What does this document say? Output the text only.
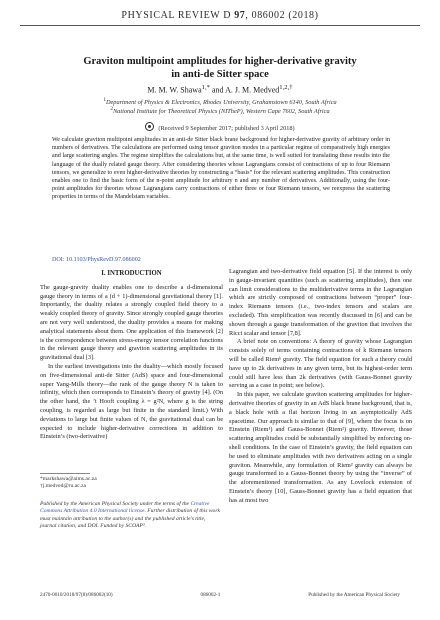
PHYSICAL REVIEW D 97, 086002 (2018)
Graviton multipoint amplitudes for higher-derivative gravity
in anti-de Sitter space
M. M. W. Shawa$^{1,*}$ and A. J. M. Medved$^{1,2,\dagger}$
$^1$Department of Physics & Electronics, Rhodes University, Grahamstown 6140, South Africa
$^2$National Institute for Theoretical Physics (NITheP), Western Cape 7602, South Africa
(Received 9 September 2017; published 3 April 2018)
We calculate graviton multipoint amplitudes in an anti-de Sitter black brane background for higher-derivative gravity of arbitrary order in numbers of derivatives. The calculations are performed using tensor graviton modes in a particular regime of comparatively high energies and large scattering angles. The regime simplifies the calculations but, at the same time, is well suited for translating these results into the language of the dually related gauge theory. After considering theories whose Lagrangians consist of contractions of up to four Riemann tensors, we generalize to even higher-derivative theories by constructing a “basis” for the relevant scattering amplitudes. This construction enables one to find the basic form of the n-point amplitude for arbitrary n and any number of derivatives. Additionally, using the four-point amplitudes for theories whose Lagrangians carry contractions of either three or four Riemann tensors, we reexpress the scattering properties in terms of the Mandelstam variables.
DOI: 10.1103/PhysRevD.97.086002
I. INTRODUCTION

The gauge-gravity duality enables one to describe a d-dimensional gauge theory in terms of a (d + 1)-dimensional gravitational theory [1]. Importantly, the duality relates a strongly coupled field theory to a weakly coupled theory of gravity. Since strongly coupled gauge theories are not very well understood, the duality provides a means for making analytical statements about them. One application of this framework [2] is the correspondence between stress-energy tensor correlation functions in the relevant gauge theory and graviton scattering amplitudes in its gravitational dual [3].

In the earliest investigations into the duality—which mostly focused on five-dimensional anti-de Sitter (AdS) space and four-dimensional super Yang-Mills theory—the rank of the gauge theory N is taken to infinity, which then corresponds to Einstein’s theory of gravity [4]. (On the other hand, the ’t Hooft coupling λ = g²N, where g is the string coupling, is regarded as large but finite in the standard limit.) With deviations to large but finite values of N, the gravitational dual can be expected to include higher-derivative corrections in addition to Einstein’s (two-derivative)

Lagrangian and two-derivative field equation [5]. If the interest is only in gauge-invariant quantities (such as scattering amplitudes), then one can limit considerations to the multiderivative terms in the Lagrangian which are strictly composed of contractions between “proper” four-index Riemann tensors (i.e., two-index tensors and scalars are excluded). This simplification was recently discussed in [6] and can be shown through a gauge transformation of the graviton that involves the Ricci scalar and tensor [7,8].

A brief note on conventions: A theory of gravity whose Lagrangian consists solely of terms containing contractions of k Riemann tensors will be called Riemᵏ gravity. The field equation for such a theory could have up to 2k derivatives in any given term, but its highest-order term could still have less than 2k derivatives (with Gauss-Bonnet gravity serving as a case in point; see below).

In this paper, we calculate graviton scattering amplitudes for higher-derivative theories of gravity in an AdS black brane background, that is, a black hole with a flat horizon living in an asymptotically AdS spacetime. Our approach is similar to that of [9], where the focus is on Einstein (Riem¹) and Gauss-Bonnet (Riem²) gravity. However, those scattering amplitudes could be substantially simplified by enforcing on-shell conditions. In the case of Einstein’s gravity, the field equation can be used to eliminate amplitudes with two derivatives acting on a single graviton. Meanwhile, any formulation of Riem² gravity can always be gauge transformed to a Gauss-Bonnet theory by using the “inverse” of the aforementioned transformation. As any Lovelock extension of Einstein’s theory [10], Gauss-Bonnet gravity has a field equation that has at most two

*markshawa@aims.ac.za
†j.medved@ru.ac.za
Published by the American Physical Society under the terms of the Creative Commons Attribution 4.0 International license. Further distribution of this work must maintain attribution to the author(s) and the published article’s title, journal citation, and DOI. Funded by SCOAP³.
2470-0010/2018/97(8)/086002(10)	086002-1	Published by the American Physical Society
